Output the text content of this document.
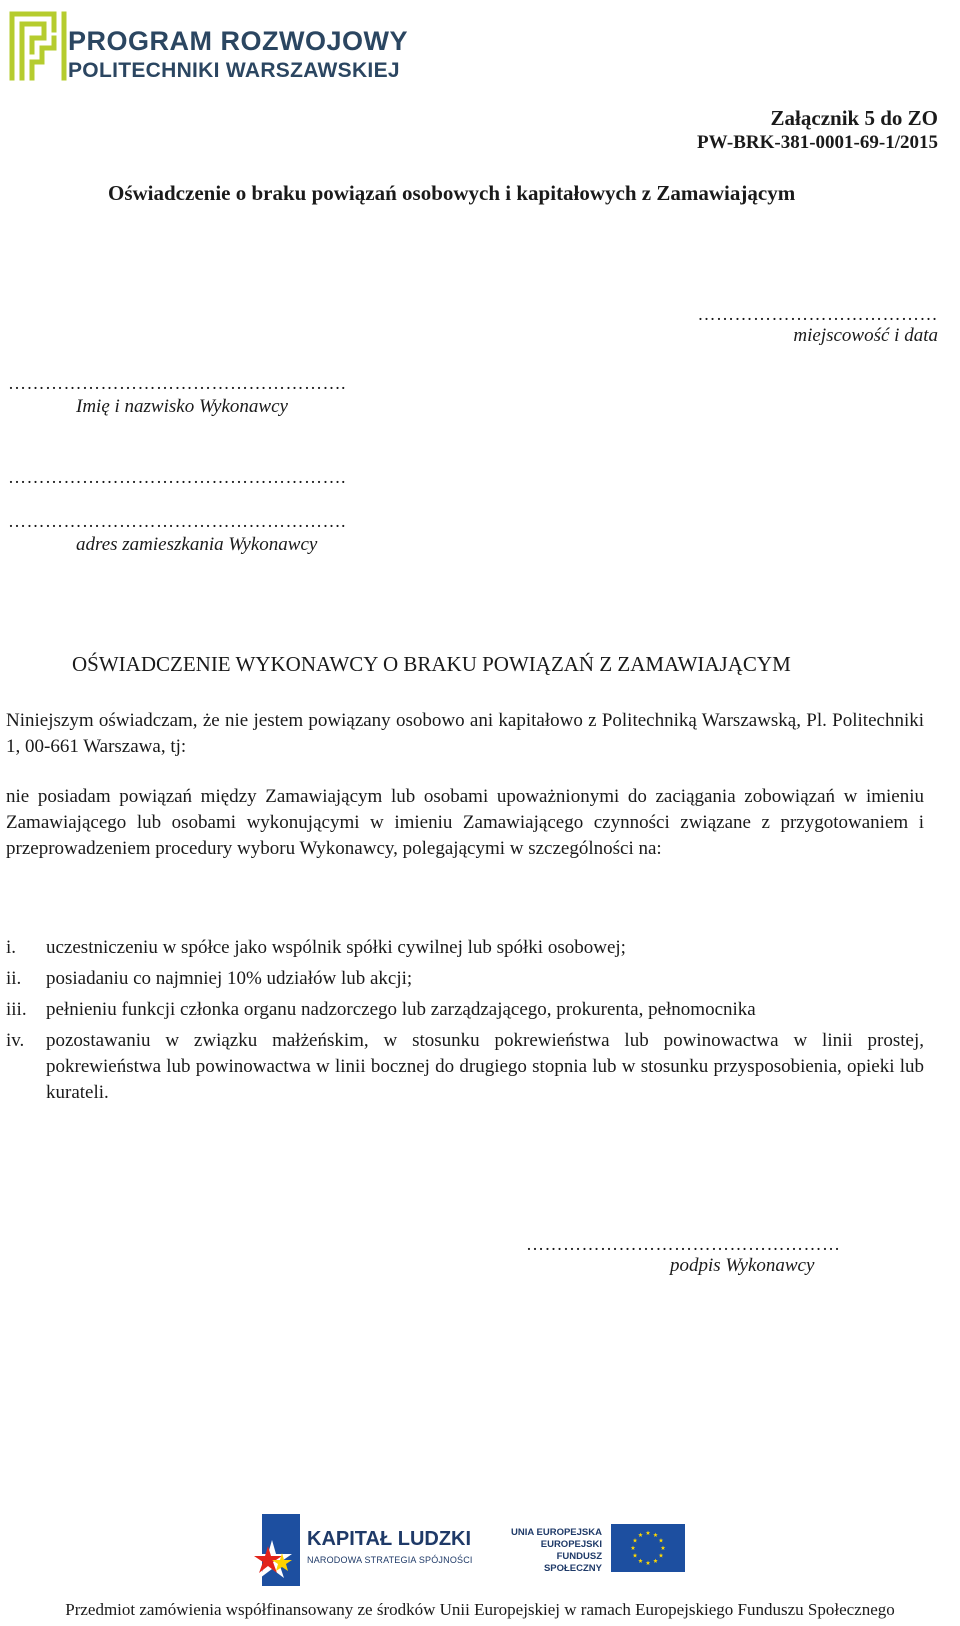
PROGRAM ROZWOJOWY
POLITECHNIKI WARSZAWSKIEJ
Załącznik 5 do ZO
PW-BRK-381-0001-69-1/2015
Oświadczenie o braku powiązań osobowych i kapitałowych z Zamawiającym
…………………………………
miejscowość i data
……………………………………………….
Imię i nazwisko Wykonawcy
……………………………………………….
……………………………………………….
adres zamieszkania Wykonawcy
OŚWIADCZENIE WYKONAWCY O BRAKU POWIĄZAŃ Z ZAMAWIAJĄCYM
Niniejszym oświadczam, że nie jestem powiązany osobowo ani kapitałowo z Politechniką Warszawską, Pl. Politechniki 1, 00-661 Warszawa, tj:
nie posiadam powiązań między Zamawiającym lub osobami upoważnionymi do zaciągania zobowiązań w imieniu Zamawiającego lub osobami wykonującymi w imieniu Zamawiającego czynności związane z przygotowaniem i przeprowadzeniem procedury wyboru Wykonawcy, polegającymi w szczególności na:
i.	uczestniczeniu w spółce jako wspólnik spółki cywilnej lub spółki osobowej;
ii.	posiadaniu co najmniej 10% udziałów lub akcji;
iii.	pełnieniu funkcji członka organu nadzorczego lub zarządzającego, prokurenta, pełnomocnika
iv.	pozostawaniu w związku małżeńskim, w stosunku pokrewieństwa lub powinowactwa w linii prostej, pokrewieństwa lub powinowactwa w linii bocznej do drugiego stopnia lub w stosunku przysposobienia, opieki lub kurateli.
……………………………………………
podpis Wykonawcy
KAPITAŁ LUDZKI
NARODOWA STRATEGIA SPÓJNOŚCI
UNIA EUROPEJSKA
EUROPEJSKI
FUNDUSZ SPOŁECZNY
Przedmiot zamówienia współfinansowany ze środków Unii Europejskiej w ramach Europejskiego Funduszu Społecznego
